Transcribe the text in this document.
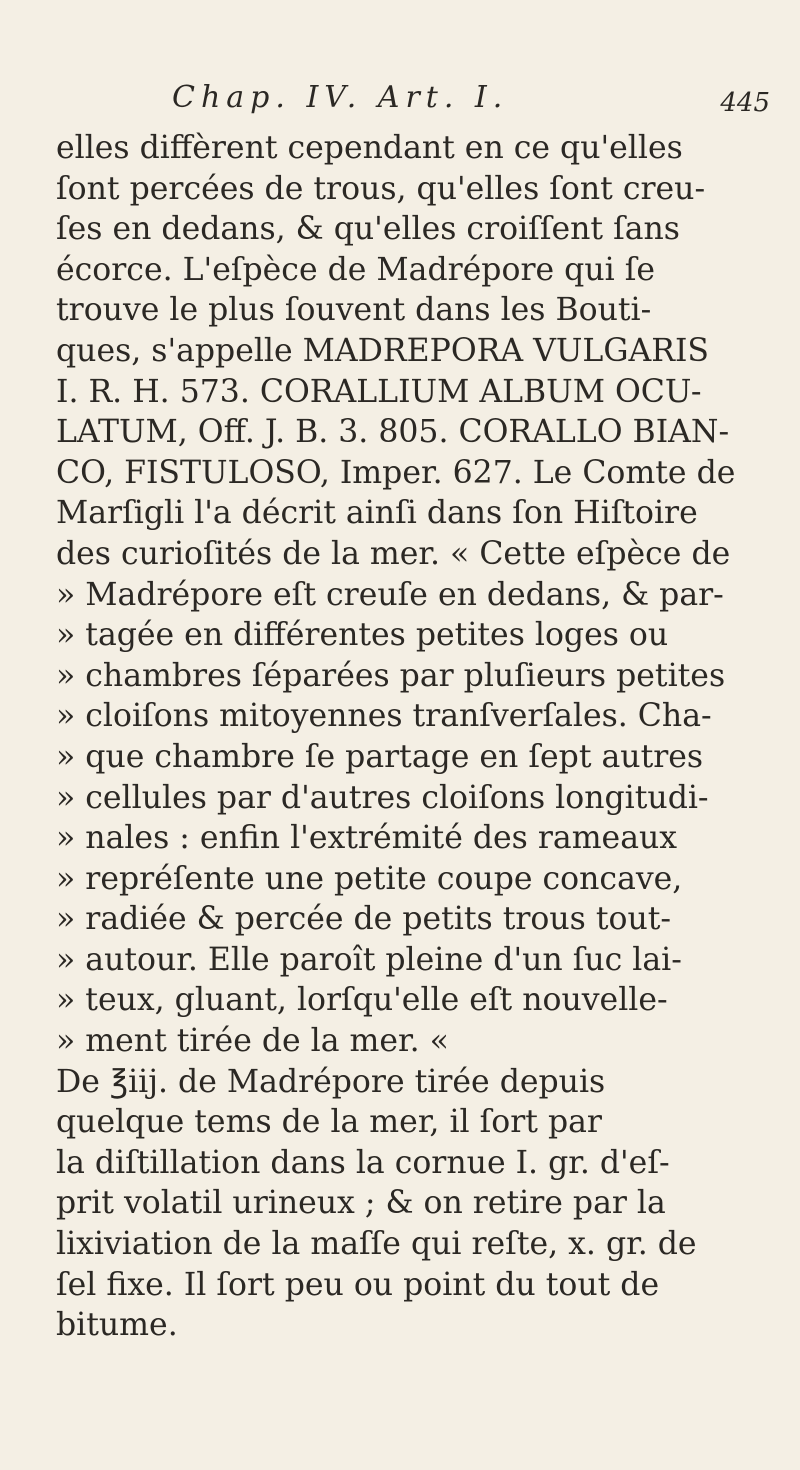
Chap. IV. Art. I.	445
elles diffèrent cependant en ce qu'elles
ſont percées de trous, qu'elles ſont creu-
ſes en dedans, & qu'elles croiſſent ſans
écorce. L'eſpèce de Madrépore qui ſe
trouve le plus ſouvent dans les Bouti-
ques, s'appelle MADREPORA VULGARIS
I. R. H. 573. CORALLIUM ALBUM OCU-
LATUM, Off. J. B. 3. 805. CORALLO BIAN-
CO, FISTULOSO, Imper. 627. Le Comte de
Marſigli l'a décrit ainſi dans ſon Hiſtoire
des curioſités de la mer. « Cette eſpèce de
» Madrépore eſt creuſe en dedans, & par-
» tagée en différentes petites loges ou
» chambres ſéparées par pluſieurs petites
» cloiſons mitoyennes tranſverſales. Cha-
» que chambre ſe partage en ſept autres
» cellules par d'autres cloiſons longitudi-
» nales : enfin l'extrémité des rameaux
» repréſente une petite coupe concave,
» radiée & percée de petits trous tout-
» autour. Elle paroît pleine d'un ſuc lai-
» teux, gluant, lorſqu'elle eſt nouvelle-
» ment tirée de la mer. «
De ℥iij. de Madrépore tirée depuis
quelque tems de la mer, il ſort par
la diſtillation dans la cornue I. gr. d'eſ-
prit volatil urineux ; & on retire par la
lixiviation de la maſſe qui reſte, x. gr. de
ſel fixe. Il ſort peu ou point du tout de
bitume.
